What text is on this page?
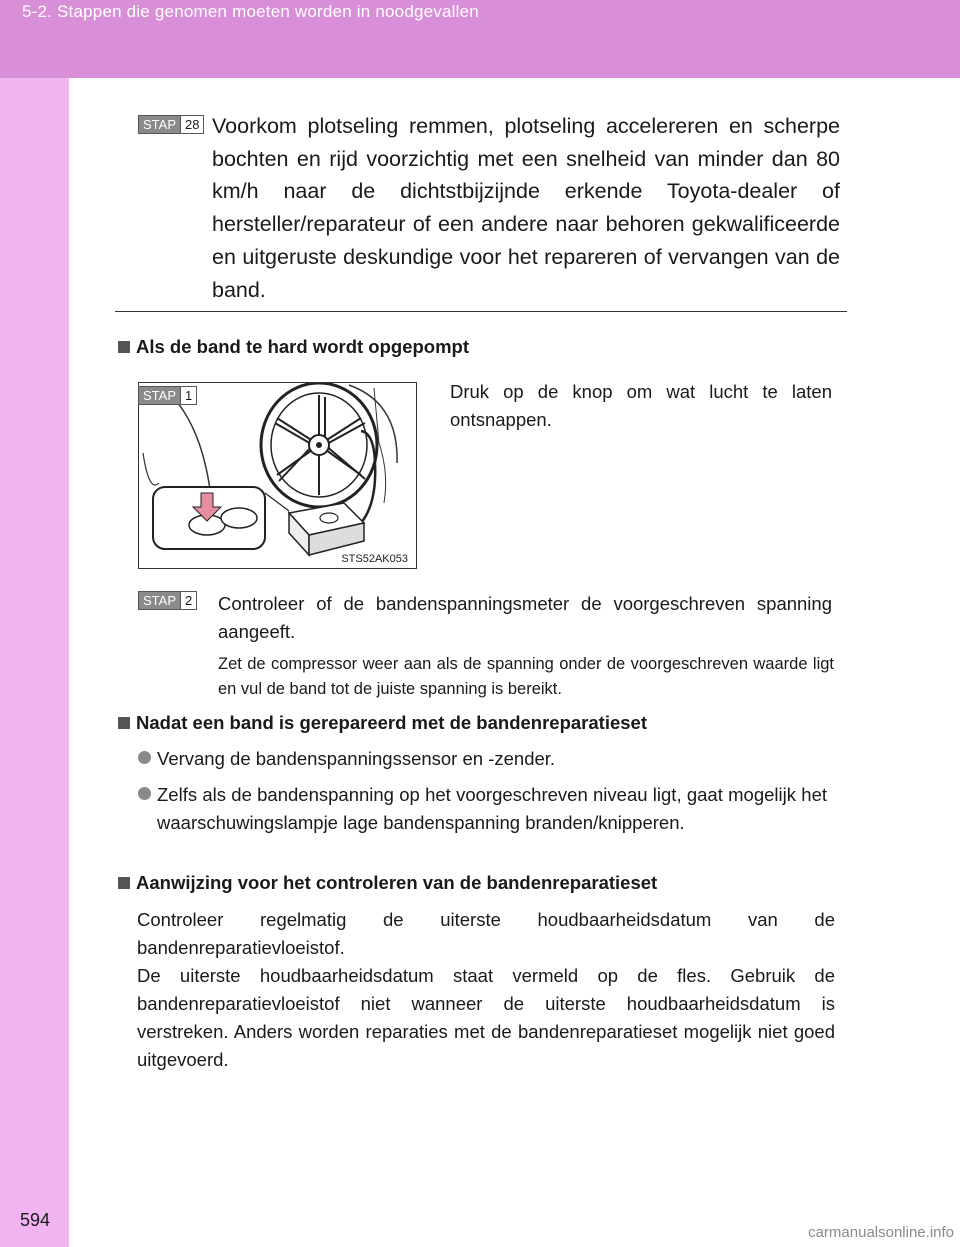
5-2. Stappen die genomen moeten worden in noodgevallen
STAP 28 Voorkom plotseling remmen, plotseling accelereren en scherpe bochten en rijd voorzichtig met een snelheid van minder dan 80 km/h naar de dichtstbijzijnde erkende Toyota-dealer of hersteller/reparateur of een andere naar behoren gekwalificeerde en uitgeruste deskundige voor het repareren of vervangen van de band.
Als de band te hard wordt opgepompt
STS52AK053
STAP 1	Druk op de knop om wat lucht te laten ontsnappen.
STAP 2 Controleer of de bandenspanningsmeter de voorgeschreven spanning aangeeft.
Zet de compressor weer aan als de spanning onder de voorgeschreven waarde ligt en vul de band tot de juiste spanning is bereikt.
Nadat een band is gerepareerd met de bandenreparatieset
Vervang de bandenspanningssensor en -zender.
Zelfs als de bandenspanning op het voorgeschreven niveau ligt, gaat mogelijk het waarschuwingslampje lage bandenspanning branden/knipperen.
Aanwijzing voor het controleren van de bandenreparatieset
Controleer regelmatig de uiterste houdbaarheidsdatum van de bandenreparatievloeistof.
De uiterste houdbaarheidsdatum staat vermeld op de fles. Gebruik de bandenreparatievloeistof niet wanneer de uiterste houdbaarheidsdatum is verstreken. Anders worden reparaties met de bandenreparatieset mogelijk niet goed uitgevoerd.
594
carmanualsonline.info
